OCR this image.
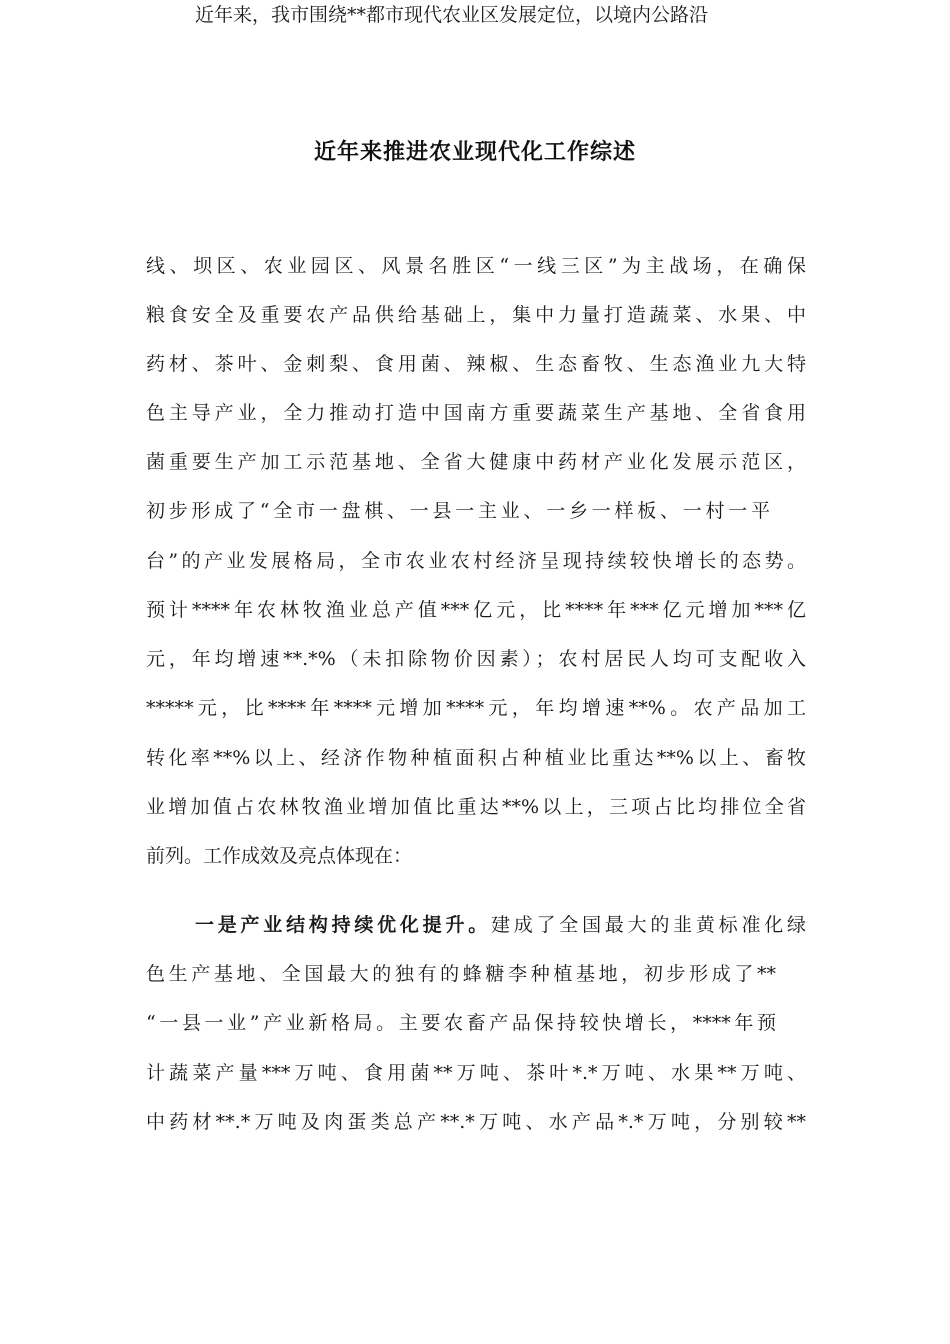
近年来推进农业现代化工作综述
近年来，我市围绕**都市现代农业区发展定位，以境内公路沿
线、坝区、农业园区、风景名胜区“一线三区”为主战场，在确保
粮食安全及重要农产品供给基础上，集中力量打造蔬菜、水果、中
药材、茶叶、金刺梨、食用菌、辣椒、生态畜牧、生态渔业九大特
色主导产业，全力推动打造中国南方重要蔬菜生产基地、全省食用
菌重要生产加工示范基地、全省大健康中药材产业化发展示范区，
初步形成了“全市一盘棋、一县一主业、一乡一样板、一村一平
台”的产业发展格局，全市农业农村经济呈现持续较快增长的态势。
预计****年农林牧渔业总产值***亿元，比****年***亿元增加***亿
元，年均增速**.*%（未扣除物价因素）；农村居民人均可支配收入
*****元，比****年****元增加****元，年均增速**%。农产品加工
转化率**%以上、经济作物种植面积占种植业比重达**%以上、畜牧
业增加值占农林牧渔业增加值比重达**%以上，三项占比均排位全省
前列。工作成效及亮点体现在：
一是产业结构持续优化提升。建成了全国最大的韭黄标准化绿
色生产基地、全国最大的独有的蜂糖李种植基地，初步形成了**
“一县一业”产业新格局。主要农畜产品保持较快增长，****年预
计蔬菜产量***万吨、食用菌**万吨、茶叶*.*万吨、水果**万吨、
中药材**.*万吨及肉蛋类总产**.*万吨、水产品*.*万吨，分别较**
